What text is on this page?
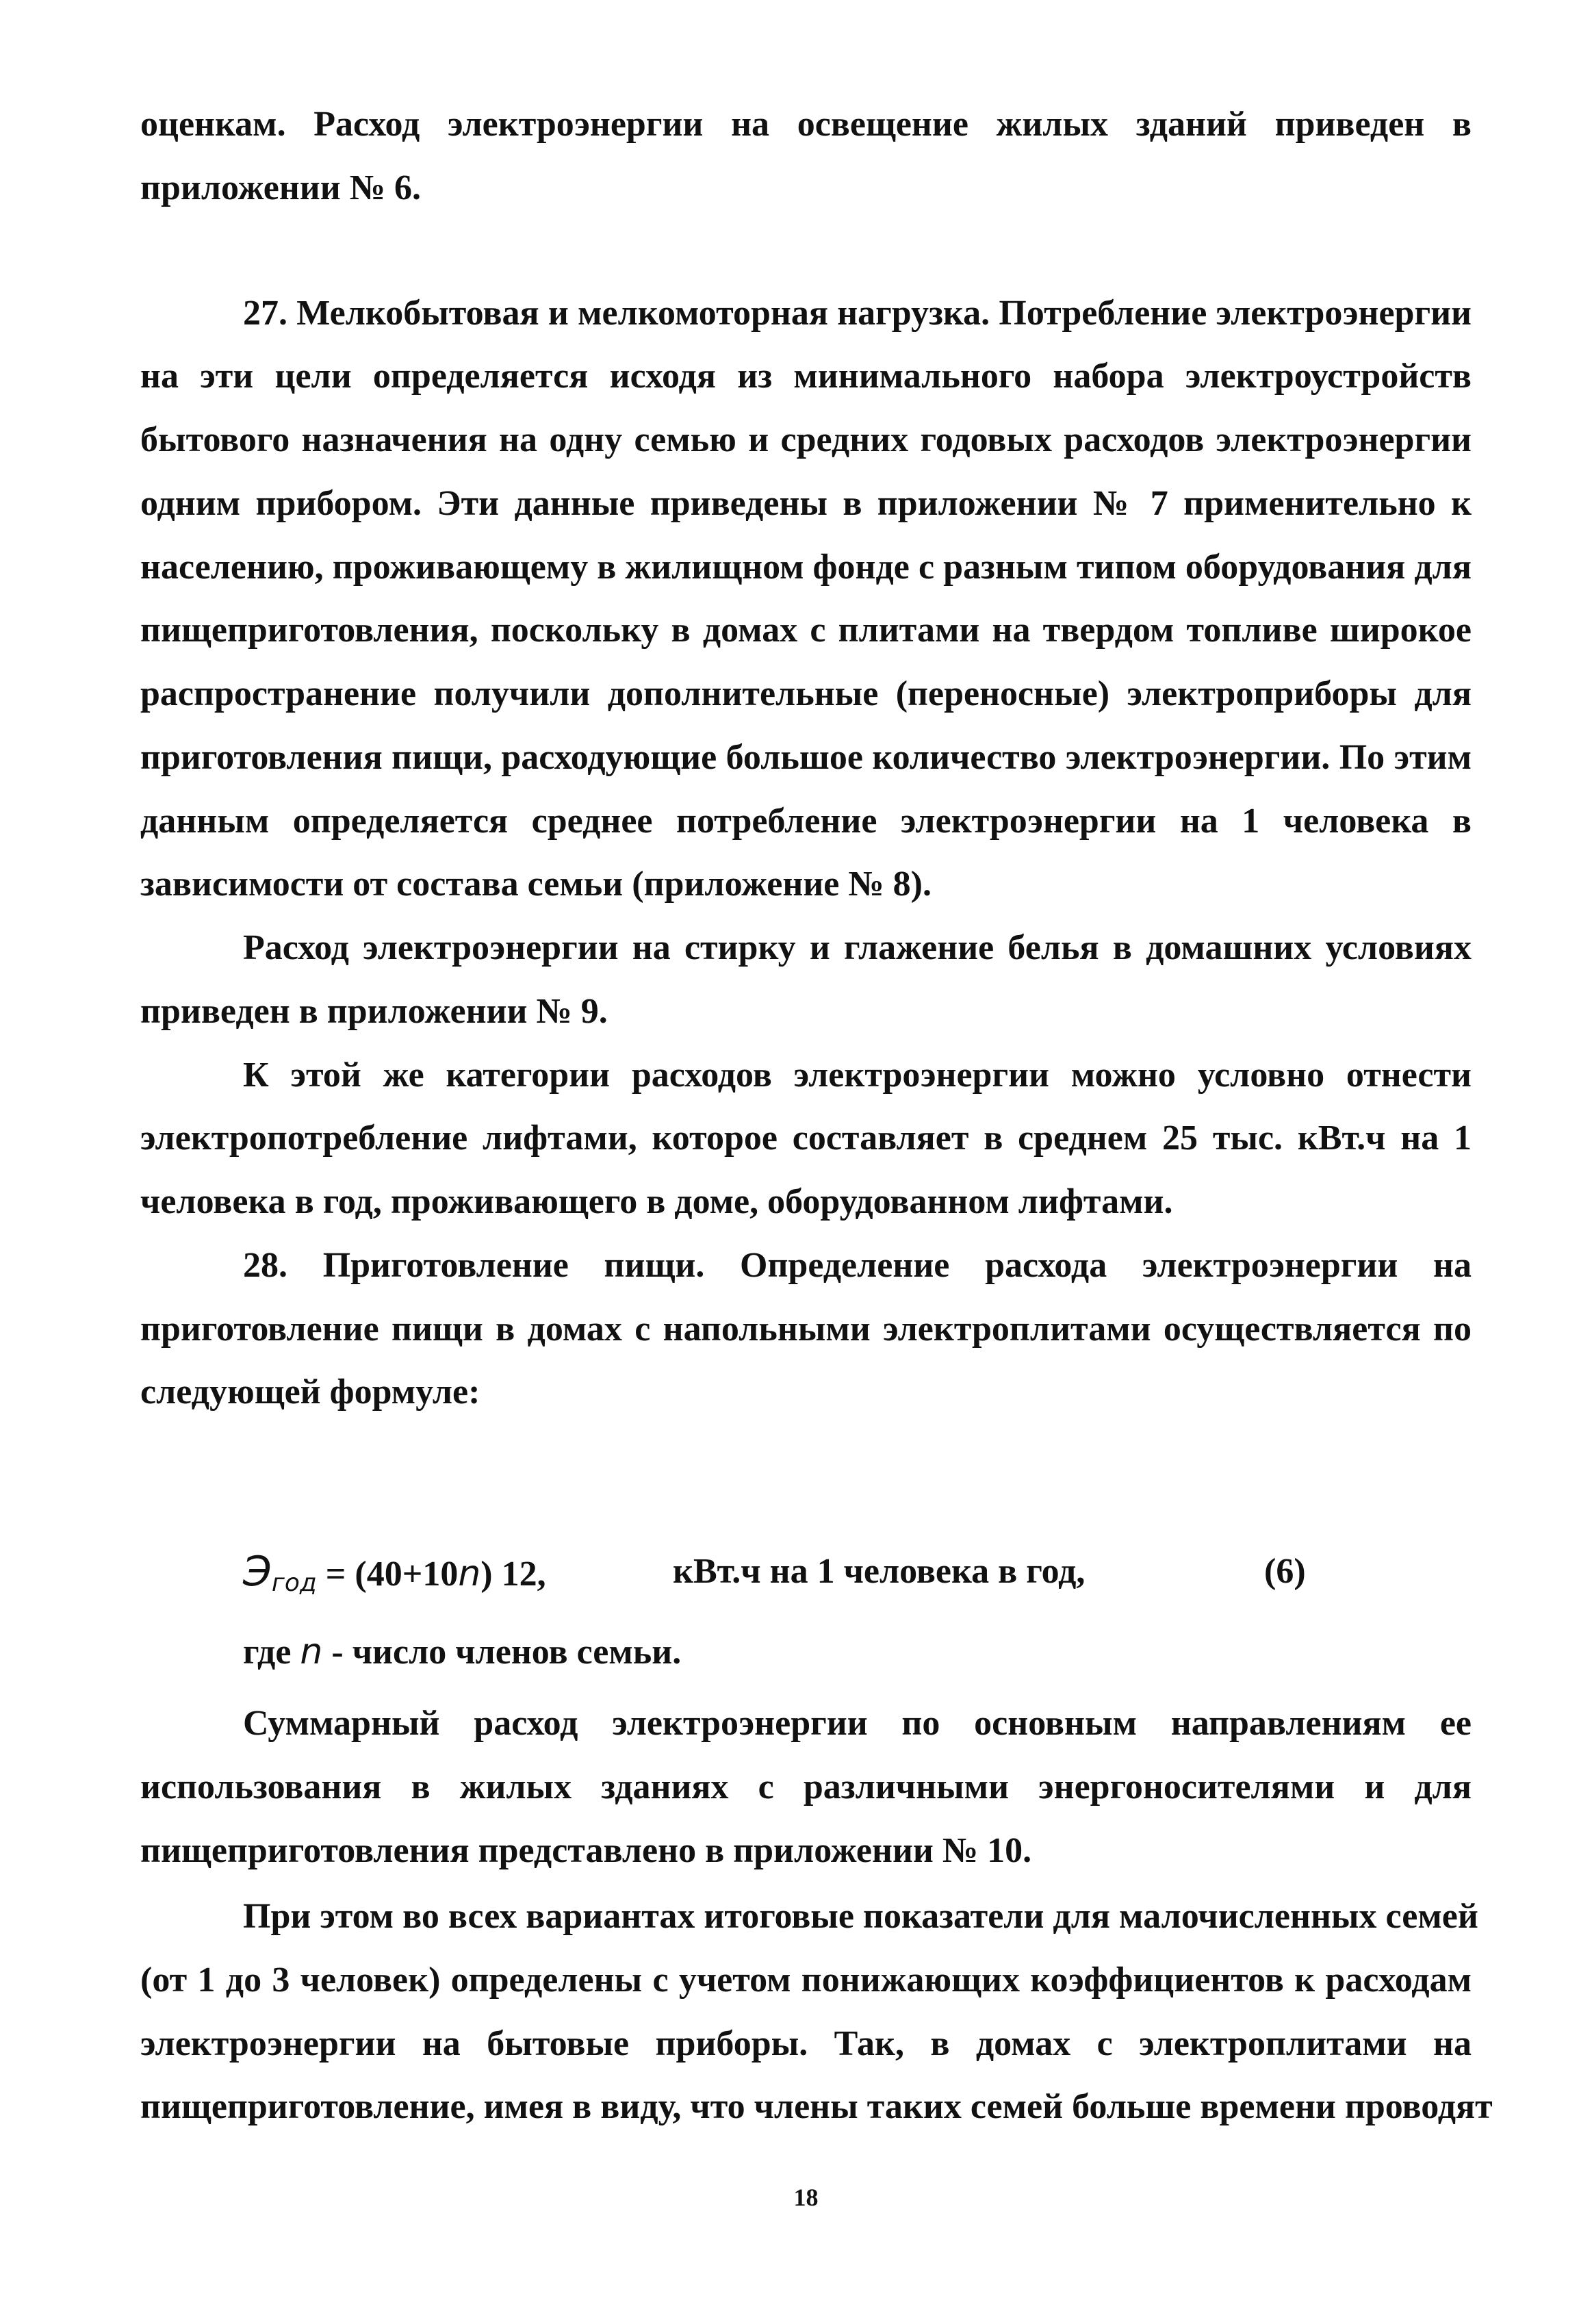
оценкам. Расход электроэнергии на освещение жилых зданий приведен в
приложении № 6.
27. Мелкобытовая и мелкомоторная нагрузка. Потребление электроэнергии
на эти цели определяется исходя из минимального набора электроустройств
бытового назначения на одну семью и средних годовых расходов электроэнергии
одним прибором. Эти данные приведены в приложении № 7 применительно к
населению, проживающему в жилищном фонде с разным типом оборудования для
пищеприготовления, поскольку в домах с плитами на твердом топливе широкое
распространение получили дополнительные (переносные) электроприборы для
приготовления пищи, расходующие большое количество электроэнергии. По этим
данным определяется среднее потребление электроэнергии на 1 человека в
зависимости от состава семьи (приложение № 8).
Расход электроэнергии на стирку и глажение белья в домашних условиях
приведен в приложении № 9.
К этой же категории расходов электроэнергии можно условно отнести
электропотребление лифтами, которое составляет в среднем 25 тыс. кВт.ч на 1
человека в год, проживающего в доме, оборудованном лифтами.
28. Приготовление пищи. Определение расхода электроэнергии на
приготовление пищи в домах с напольными электроплитами осуществляется по
следующей формуле:
$Э_{год} = (40+10n)$ 12,	кВт.ч на 1 человека в год,	(6)
где n - число членов семьи.
Суммарный расход электроэнергии по основным направлениям ее
использования в жилых зданиях с различными энергоносителями и для
пищеприготовления представлено в приложении № 10.
При этом во всех вариантах итоговые показатели для малочисленных семей
(от 1 до 3 человек) определены с учетом понижающих коэффициентов к расходам
электроэнергии на бытовые приборы. Так, в домах с электроплитами на
пищеприготовление, имея в виду, что члены таких семей больше времени проводят
18
